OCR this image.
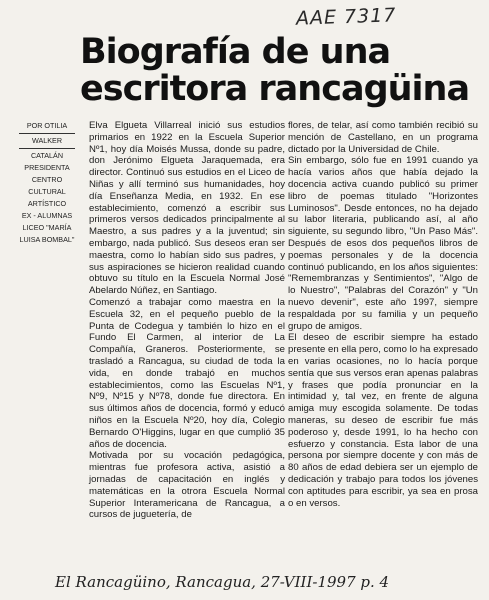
AAE 7317
Biografía de una
escritora rancagüina
POR OTILIA
WALKER
CATALÁN
PRESIDENTA
CENTRO
CULTURAL
ARTÍSTICO
EX - ALUMNAS
LICEO "MARÍA
LUISA BOMBAL"

Elva Elgueta Villarreal inició sus estudios primarios en 1922 en la Escuela Superior Nº1, hoy día Moisés Mussa, donde su padre, don Jerónimo Elgueta Jaraquemada, era director. Continuó sus estudios en el Liceo de Niñas y allí terminó sus humanidades, hoy día Enseñanza Media, en 1932. En ese establecimiento, comenzó a escribir sus primeros versos dedicados principalmente al Maestro, a sus padres y a la juventud; sin embargo, nada publicó. Sus deseos eran ser maestra, como lo habían sido sus padres, y sus aspiraciones se hicieron realidad cuando obtuvo su título en la Escuela Normal José Abelardo Núñez, en Santiago.

Comenzó a trabajar como maestra en la Escuela 32, en el pequeño pueblo de la Punta de Codegua y también lo hizo en el Fundo El Carmen, al interior de La Compañía, Graneros. Posteriormente, se trasladó a Rancagua, su ciudad de toda la vida, en donde trabajó en muchos establecimientos, como las Escuelas Nº1, Nº9, Nº15 y Nº78, donde fue directora. En sus últimos años de docencia, formó y educó niños en la Escuela Nº20, hoy día, Colegio Bernardo O'Higgins, lugar en que cumplió 35 años de docencia.

Motivada por su vocación pedagógica, mientras fue profesora activa, asistió a jornadas de capacitación en inglés y matemáticas en la otrora Escuela Normal Superior Interamericana de Rancagua, a cursos de juguetería, de

flores, de telar, así como también recibió su mención de Castellano, en un programa dictado por la Universidad de Chile.

Sin embargo, sólo fue en 1991 cuando ya hacía varios años que había dejado la docencia activa cuando publicó su primer libro de poemas titulado "Horizontes Luminosos". Desde entonces, no ha dejado su labor literaria, publicando así, al año siguiente, su segundo libro, "Un Paso Más". Después de esos dos pequeños libros de poemas personales y de la docencia continuó publicando, en los años siguientes: "Remembranzas y Sentimientos", "Algo de lo Nuestro", "Palabras del Corazón" y "Un nuevo devenir", este año 1997, siempre respaldada por su familia y un pequeño grupo de amigos.

El deseo de escribir siempre ha estado presente en ella pero, como lo ha expresado en varias ocasiones, no lo hacía porque sentía que sus versos eran apenas palabras y frases que podía pronunciar en la intimidad y, tal vez, en frente de alguna amiga muy escogida solamente. De todas maneras, su deseo de escribir fue más poderoso y, desde 1991, lo ha hecho con esfuerzo y constancia. Esta labor de una persona por siempre docente y con más de 80 años de edad debiera ser un ejemplo de dedicación y trabajo para todos los jóvenes con aptitudes para escribir, ya sea en prosa o en versos.

El Rancagüino, Rancagua, 27-VIII-1997 p. 4
